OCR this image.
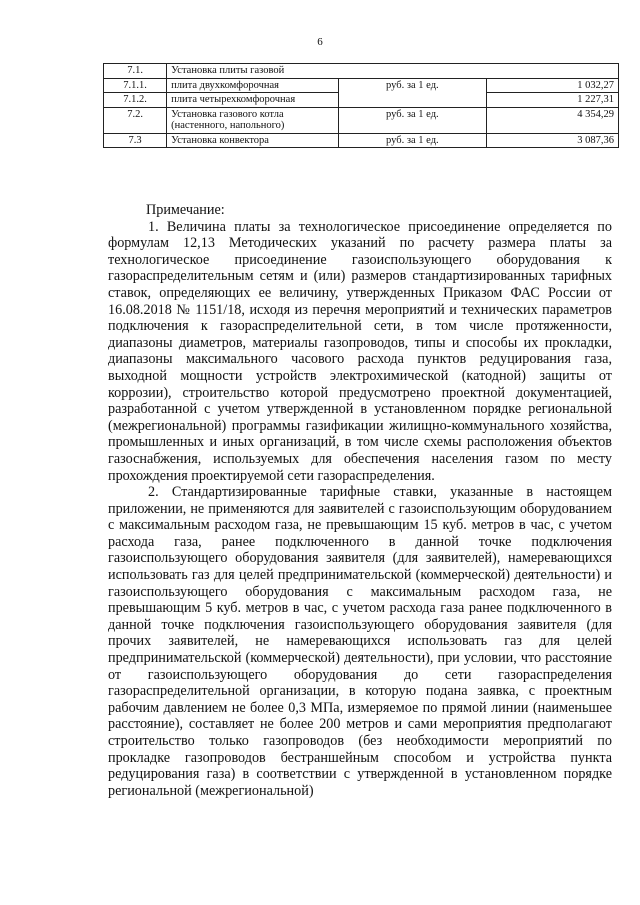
6
7.1.	Установка плиты газовой		
7.1.1.	плита двухкомфорочная	руб. за 1 ед.	1 032,27
7.1.2.	плита четырехкомфорочная		1 227,31
7.2.	Установка газового котла (настенного, напольного)	руб. за 1 ед.	4 354,29
7.3	Установка конвектора	руб. за 1 ед.	3 087,36

Примечание:

1. Величина платы за технологическое присоединение определяется по формулам 12,13 Методических указаний по расчету размера платы за технологическое присоединение газоиспользующего оборудования к газораспределительным сетям и (или) размеров стандартизированных тарифных ставок, определяющих ее величину, утвержденных Приказом ФАС России от 16.08.2018 № 1151/18, исходя из перечня мероприятий и технических параметров подключения к газораспределительной сети, в том числе протяженности, диапазоны диаметров, материалы газопроводов, типы и способы их прокладки, диапазоны максимального часового расхода пунктов редуцирования газа, выходной мощности устройств электрохимической (катодной) защиты от коррозии), строительство которой предусмотрено проектной документацией, разработанной с учетом утвержденной в установленном порядке региональной (межрегиональной) программы газификации жилищно-коммунального хозяйства, промышленных и иных организаций, в том числе схемы расположения объектов газоснабжения, используемых для обеспечения населения газом по месту прохождения проектируемой сети газораспределения.

2. Стандартизированные тарифные ставки, указанные в настоящем приложении, не применяются для заявителей с газоиспользующим оборудованием с максимальным расходом газа, не превышающим 15 куб. метров в час, с учетом расхода газа, ранее подключенного в данной точке подключения газоиспользующего оборудования заявителя (для заявителей), намеревающихся использовать газ для целей предпринимательской (коммерческой) деятельности) и газоиспользующего оборудования с максимальным расходом газа, не превышающим 5 куб. метров в час, с учетом расхода газа ранее подключенного в данной точке подключения газоиспользующего оборудования заявителя (для прочих заявителей, не намеревающихся использовать газ для целей предпринимательской (коммерческой) деятельности), при условии, что расстояние от газоиспользующего оборудования до сети газораспределения газораспределительной организации, в которую подана заявка, с проектным рабочим давлением не более 0,3 МПа, измеряемое по прямой линии (наименьшее расстояние), составляет не более 200 метров и сами мероприятия предполагают строительство только газопроводов (без необходимости мероприятий по прокладке газопроводов бестраншейным способом и устройства пункта редуцирования газа) в соответствии с утвержденной в установленном порядке региональной (межрегиональной)
